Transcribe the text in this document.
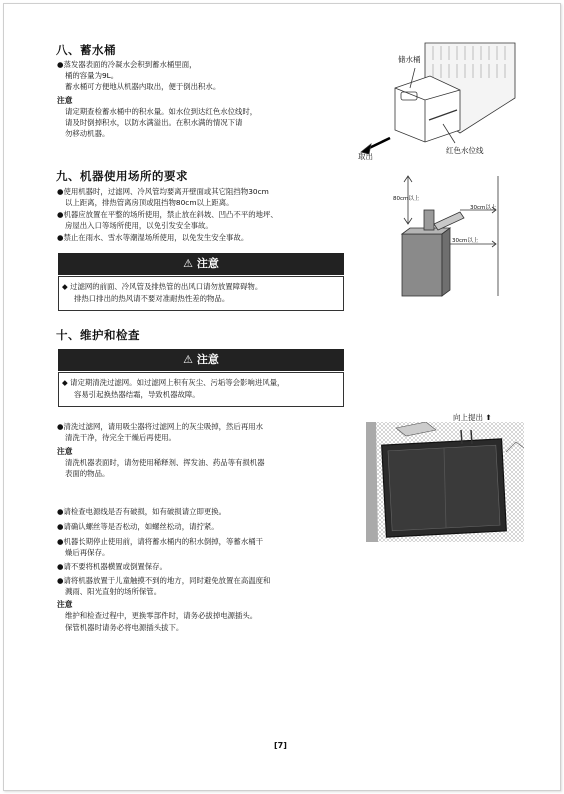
八、蓄水桶
●蒸发器表面的冷凝水会积到蓄水桶里面，
桶的容量为9L。
蓄水桶可方便地从机器内取出，便于倒出积水。
注意
请定期查检蓄水桶中的积水量。如水位到达红色水位线时，
请及时倒掉积水，以防水满溢出。在积水满的情况下请
勿移动机器。
储水桶
取出
红色水位线
九、机器使用场所的要求
●使用机器时，过滤网、冷风管均要离开壁面或其它阻挡物30cm
以上距离，排热管离房顶或阻挡物80cm以上距离。
●机器应放置在平整的场所使用，禁止放在斜坡、凹凸不平的地坪、
房屋出入口等场所使用，以免引发安全事故。
●禁止在雨水、雪水等潮湿场所使用，以免发生安全事故。
80cm以上
30cm以上
30cm以上
⚠ 注意
◆ 过滤网的前面、冷风管及排热管的出风口请勿放置障碍物。
排热口排出的热风请不要对准耐热性差的物品。
十、维护和检查
⚠ 注意
◆ 请定期清洗过滤网。如过滤网上积有灰尘、污垢等会影响进风量，
容易引起换热器结霜，导致机器故障。
●清洗过滤网，请用吸尘器将过滤网上的灰尘吸掉，然后再用水
清洗干净，待完全干燥后再使用。
注意
清洗机器表面时，请勿使用稀释剂、挥发油、药品等有损机器
表面的物品。
●请检查电源线是否有破损，如有破损请立即更换。
●请确认螺丝等是否松动，如螺丝松动，请拧紧。
●机器长期停止使用前，请将蓄水桶内的积水倒掉，等蓄水桶干
燥后再保存。
●请不要将机器横置或倒置保存。
●请将机器放置于儿童触摸不到的地方，同时避免放置在高温度和
溅雨、阳光直射的场所保管。
注意
维护和检查过程中，更换零部件时，请务必拔掉电源插头。
保管机器时请务必将电源插头拔下。
向上提出 ⬆
[7]
